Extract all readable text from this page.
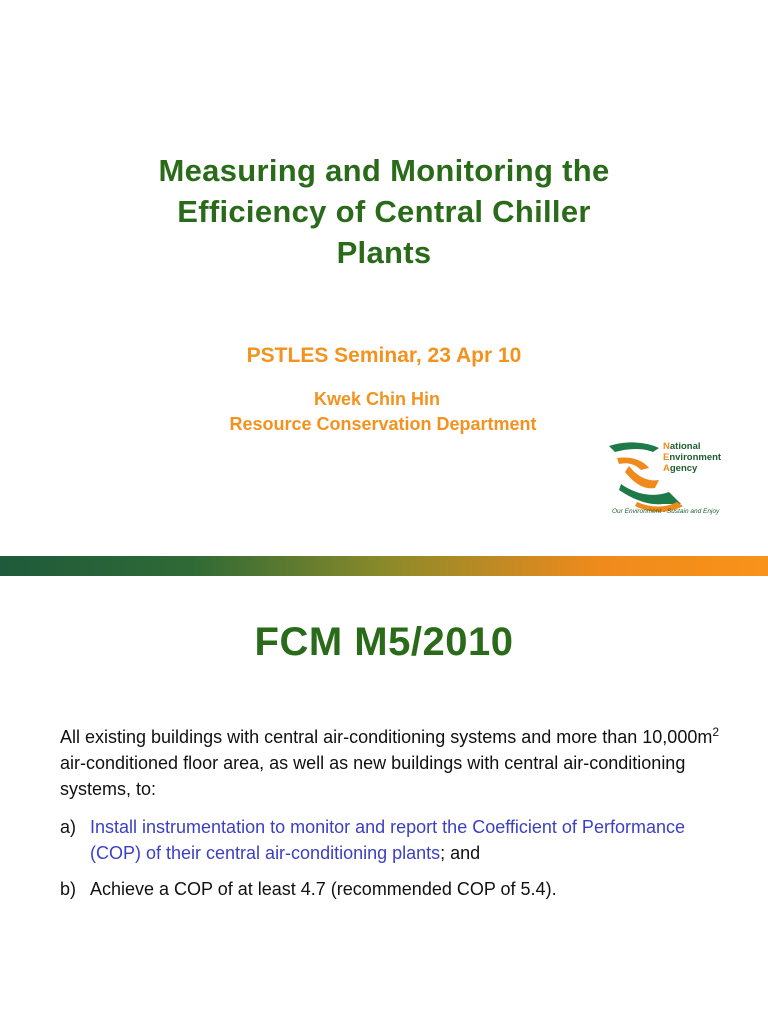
Measuring and Monitoring the
Efficiency of Central Chiller
Plants
PSTLES Seminar, 23 Apr 10
Kwek Chin Hin
Resource Conservation Department
National
Environment
Agency
Our Environment - Sustain and Enjoy
FCM M5/2010
All existing buildings with central air-conditioning systems and more than $10,000m^2$ air-conditioned floor area, as well as new buildings with central air-conditioning systems, to:
a) Install instrumentation to monitor and report the Coefficient of Performance (COP) of their central air-conditioning plants; and
b) Achieve a COP of at least 4.7 (recommended COP of 5.4).
